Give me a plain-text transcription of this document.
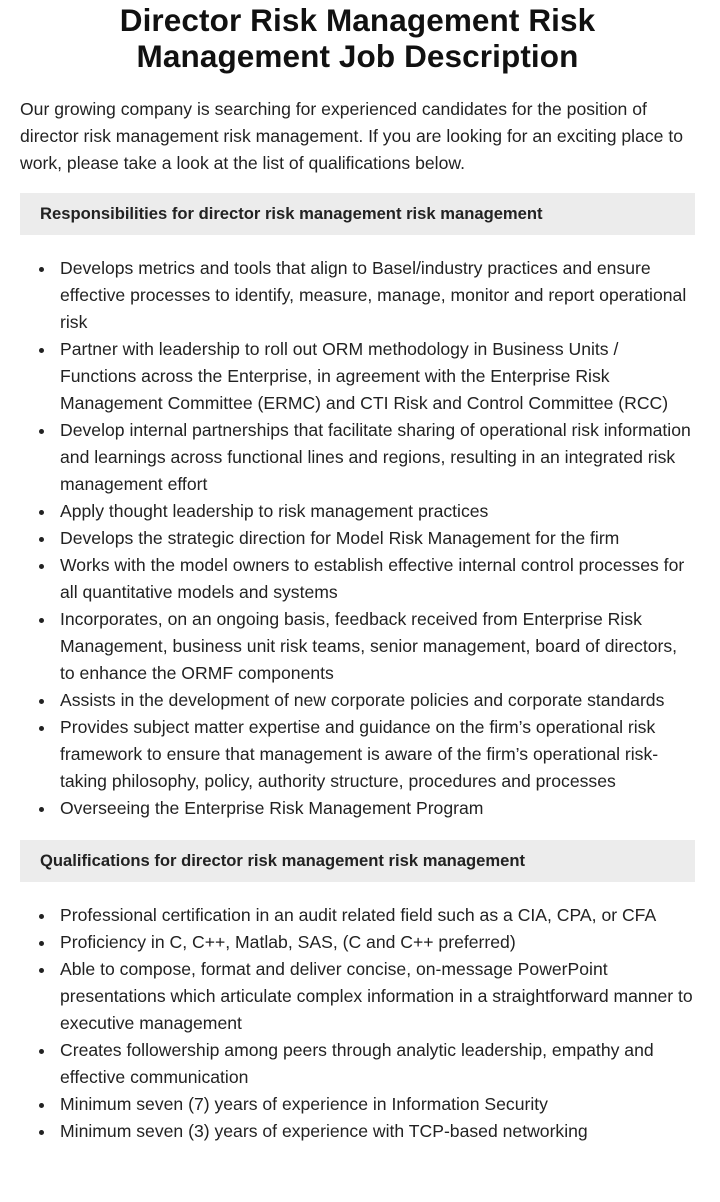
Director Risk Management Risk Management Job Description

Our growing company is searching for experienced candidates for the position of director risk management risk management. If you are looking for an exciting place to work, please take a look at the list of qualifications below.

Responsibilities for director risk management risk management
Develops metrics and tools that align to Basel/industry practices and ensure effective processes to identify, measure, manage, monitor and report operational risk
Partner with leadership to roll out ORM methodology in Business Units / Functions across the Enterprise, in agreement with the Enterprise Risk Management Committee (ERMC) and CTI Risk and Control Committee (RCC)
Develop internal partnerships that facilitate sharing of operational risk information and learnings across functional lines and regions, resulting in an integrated risk management effort
Apply thought leadership to risk management practices
Develops the strategic direction for Model Risk Management for the firm
Works with the model owners to establish effective internal control processes for all quantitative models and systems
Incorporates, on an ongoing basis, feedback received from Enterprise Risk Management, business unit risk teams, senior management, board of directors, to enhance the ORMF components
Assists in the development of new corporate policies and corporate standards
Provides subject matter expertise and guidance on the firm’s operational risk framework to ensure that management is aware of the firm’s operational risk-taking philosophy, policy, authority structure, procedures and processes
Overseeing the Enterprise Risk Management Program
Qualifications for director risk management risk management
Professional certification in an audit related field such as a CIA, CPA, or CFA
Proficiency in C, C++, Matlab, SAS, (C and C++ preferred)
Able to compose, format and deliver concise, on-message PowerPoint presentations which articulate complex information in a straightforward manner to executive management
Creates followership among peers through analytic leadership, empathy and effective communication
Minimum seven (7) years of experience in Information Security
Minimum seven (3) years of experience with TCP-based networking
